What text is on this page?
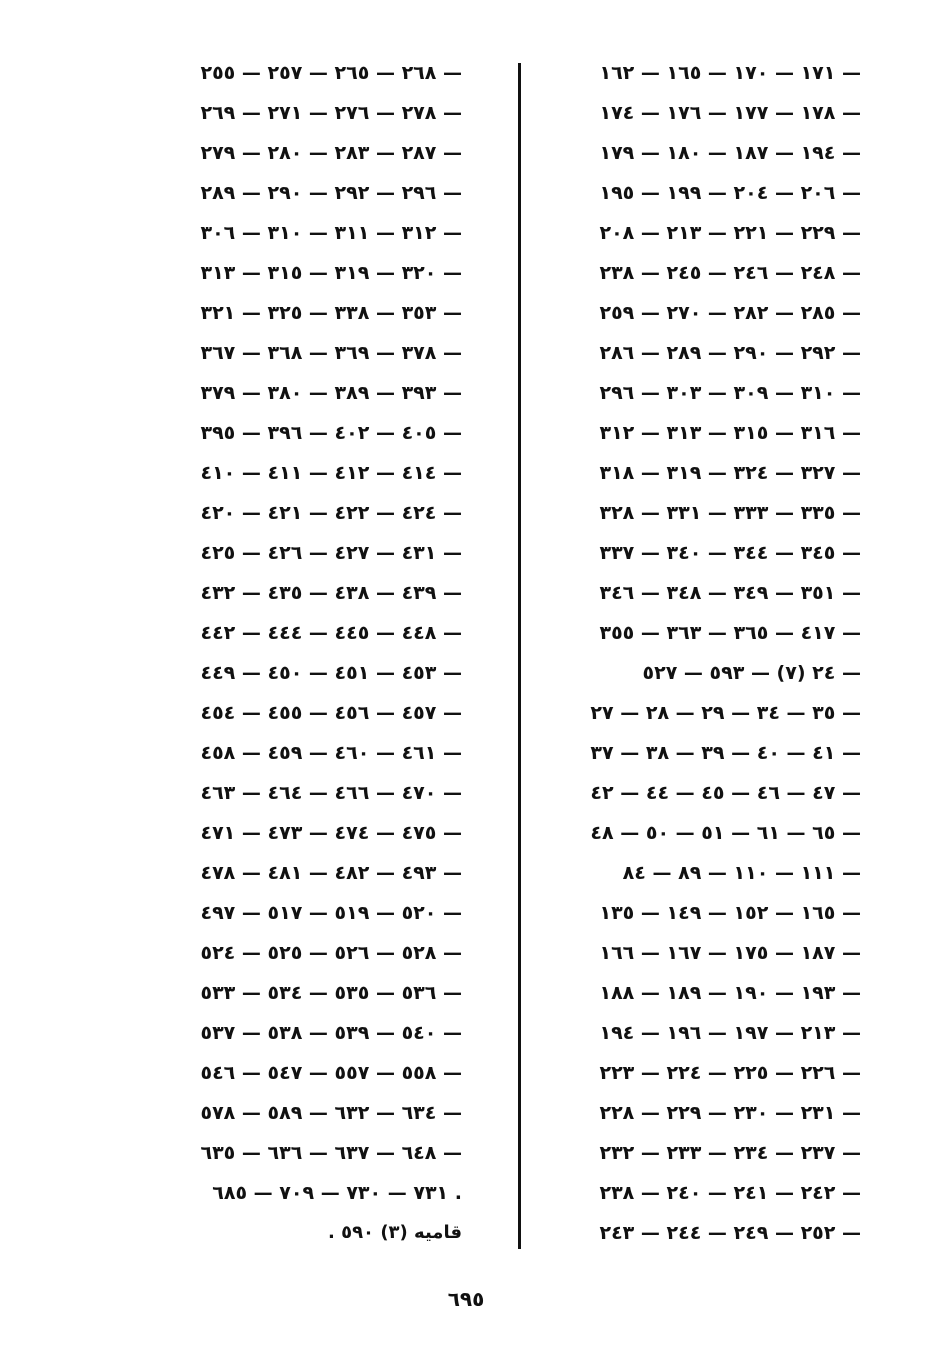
— ١٧١ — ١٧٠ — ١٦٥ — ١٦٢
— ١٧٨ — ١٧٧ — ١٧٦ — ١٧٤
— ١٩٤ — ١٨٧ — ١٨٠ — ١٧٩
— ٢٠٦ — ٢٠٤ — ١٩٩ — ١٩٥
— ٢٢٩ — ٢٢١ — ٢١٣ — ٢٠٨
— ٢٤٨ — ٢٤٦ — ٢٤٥ — ٢٣٨
— ٢٨٥ — ٢٨٢ — ٢٧٠ — ٢٥٩
— ٢٩٢ — ٢٩٠ — ٢٨٩ — ٢٨٦
— ٣١٠ — ٣٠٩ — ٣٠٣ — ٢٩٦
— ٣١٦ — ٣١٥ — ٣١٣ — ٣١٢
— ٣٢٧ — ٣٢٤ — ٣١٩ — ٣١٨
— ٣٣٥ — ٣٣٣ — ٣٣١ — ٣٢٨
— ٣٤٥ — ٣٤٤ — ٣٤٠ — ٣٣٧
— ٣٥١ — ٣٤٩ — ٣٤٨ — ٣٤٦
— ٤١٧ — ٣٦٥ — ٣٦٣ — ٣٥٥
— ٢٤ (٧) — ٥٩٣ — ٥٢٧
— ٣٥ — ٣٤ — ٢٩ — ٢٨ — ٢٧
— ٤١ — ٤٠ — ٣٩ — ٣٨ — ٣٧
— ٤٧ — ٤٦ — ٤٥ — ٤٤ — ٤٢
— ٦٥ — ٦١ — ٥١ — ٥٠ — ٤٨
— ١١١ — ١١٠ — ٨٩ — ٨٤
— ١٦٥ — ١٥٢ — ١٤٩ — ١٣٥
— ١٨٧ — ١٧٥ — ١٦٧ — ١٦٦
— ١٩٣ — ١٩٠ — ١٨٩ — ١٨٨
— ٢١٣ — ١٩٧ — ١٩٦ — ١٩٤
— ٢٢٦ — ٢٢٥ — ٢٢٤ — ٢٢٣
— ٢٣١ — ٢٣٠ — ٢٢٩ — ٢٢٨
— ٢٣٧ — ٢٣٤ — ٢٣٣ — ٢٣٢
— ٢٤٢ — ٢٤١ — ٢٤٠ — ٢٣٨
— ٢٥٢ — ٢٤٩ — ٢٤٤ — ٢٤٣
— ٢٦٨ — ٢٦٥ — ٢٥٧ — ٢٥٥
— ٢٧٨ — ٢٧٦ — ٢٧١ — ٢٦٩
— ٢٨٧ — ٢٨٣ — ٢٨٠ — ٢٧٩
— ٢٩٦ — ٢٩٢ — ٢٩٠ — ٢٨٩
— ٣١٢ — ٣١١ — ٣١٠ — ٣٠٦
— ٣٢٠ — ٣١٩ — ٣١٥ — ٣١٣
— ٣٥٣ — ٣٣٨ — ٣٢٥ — ٣٢١
— ٣٧٨ — ٣٦٩ — ٣٦٨ — ٣٦٧
— ٣٩٣ — ٣٨٩ — ٣٨٠ — ٣٧٩
— ٤٠٥ — ٤٠٢ — ٣٩٦ — ٣٩٥
— ٤١٤ — ٤١٢ — ٤١١ — ٤١٠
— ٤٢٤ — ٤٢٢ — ٤٢١ — ٤٢٠
— ٤٣١ — ٤٢٧ — ٤٢٦ — ٤٢٥
— ٤٣٩ — ٤٣٨ — ٤٣٥ — ٤٣٢
— ٤٤٨ — ٤٤٥ — ٤٤٤ — ٤٤٢
— ٤٥٣ — ٤٥١ — ٤٥٠ — ٤٤٩
— ٤٥٧ — ٤٥٦ — ٤٥٥ — ٤٥٤
— ٤٦١ — ٤٦٠ — ٤٥٩ — ٤٥٨
— ٤٧٠ — ٤٦٦ — ٤٦٤ — ٤٦٣
— ٤٧٥ — ٤٧٤ — ٤٧٣ — ٤٧١
— ٤٩٣ — ٤٨٢ — ٤٨١ — ٤٧٨
— ٥٢٠ — ٥١٩ — ٥١٧ — ٤٩٧
— ٥٢٨ — ٥٢٦ — ٥٢٥ — ٥٢٤
— ٥٣٦ — ٥٣٥ — ٥٣٤ — ٥٣٣
— ٥٤٠ — ٥٣٩ — ٥٣٨ — ٥٣٧
— ٥٥٨ — ٥٥٧ — ٥٤٧ — ٥٤٦
— ٦٣٤ — ٦٣٢ — ٥٨٩ — ٥٧٨
— ٦٤٨ — ٦٣٧ — ٦٣٦ — ٦٣٥
. ٧٣١ — ٧٣٠ — ٧٠٩ — ٦٨٥
قاميه (٣) ٥٩٠ .
٦٩٥
